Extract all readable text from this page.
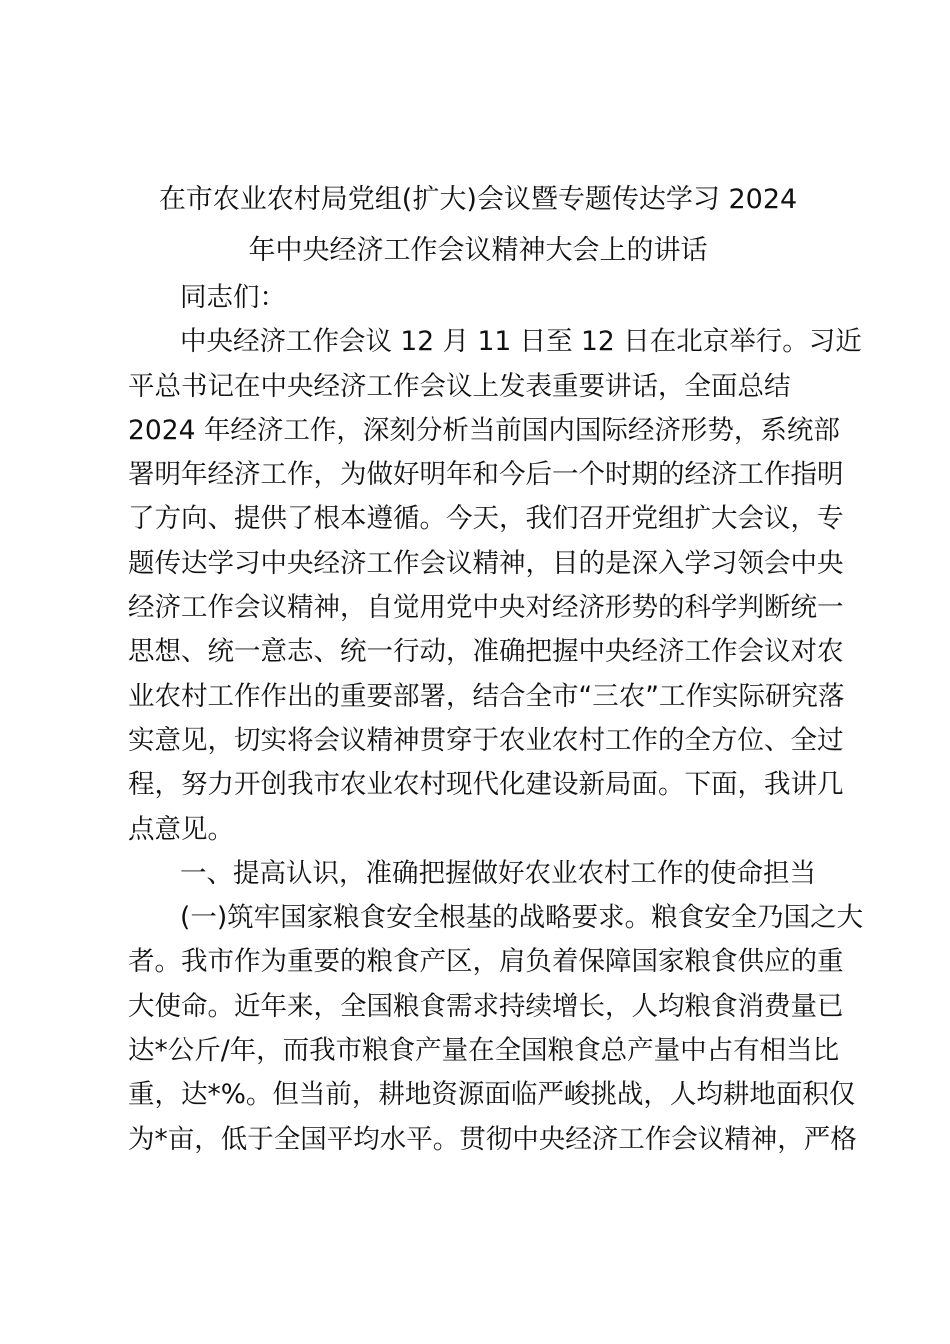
在市农业农村局党组(扩大)会议暨专题传达学习 2024
年中央经济工作会议精神大会上的讲话
同志们：
中央经济工作会议 12 月 11 日至 12 日在北京举行。习近
平总书记在中央经济工作会议上发表重要讲话，全面总结
2024 年经济工作，深刻分析当前国内国际经济形势，系统部
署明年经济工作，为做好明年和今后一个时期的经济工作指明
了方向、提供了根本遵循。今天，我们召开党组扩大会议，专
题传达学习中央经济工作会议精神，目的是深入学习领会中央
经济工作会议精神，自觉用党中央对经济形势的科学判断统一
思想、统一意志、统一行动，准确把握中央经济工作会议对农
业农村工作作出的重要部署，结合全市“三农”工作实际研究落
实意见，切实将会议精神贯穿于农业农村工作的全方位、全过
程，努力开创我市农业农村现代化建设新局面。下面，我讲几
点意见。
一、提高认识，准确把握做好农业农村工作的使命担当
(一)筑牢国家粮食安全根基的战略要求。粮食安全乃国之大
者。我市作为重要的粮食产区，肩负着保障国家粮食供应的重
大使命。近年来，全国粮食需求持续增长，人均粮食消费量已
达*公斤/年，而我市粮食产量在全国粮食总产量中占有相当比
重，达*%。但当前，耕地资源面临严峻挑战，人均耕地面积仅
为*亩，低于全国平均水平。贯彻中央经济工作会议精神，严格
